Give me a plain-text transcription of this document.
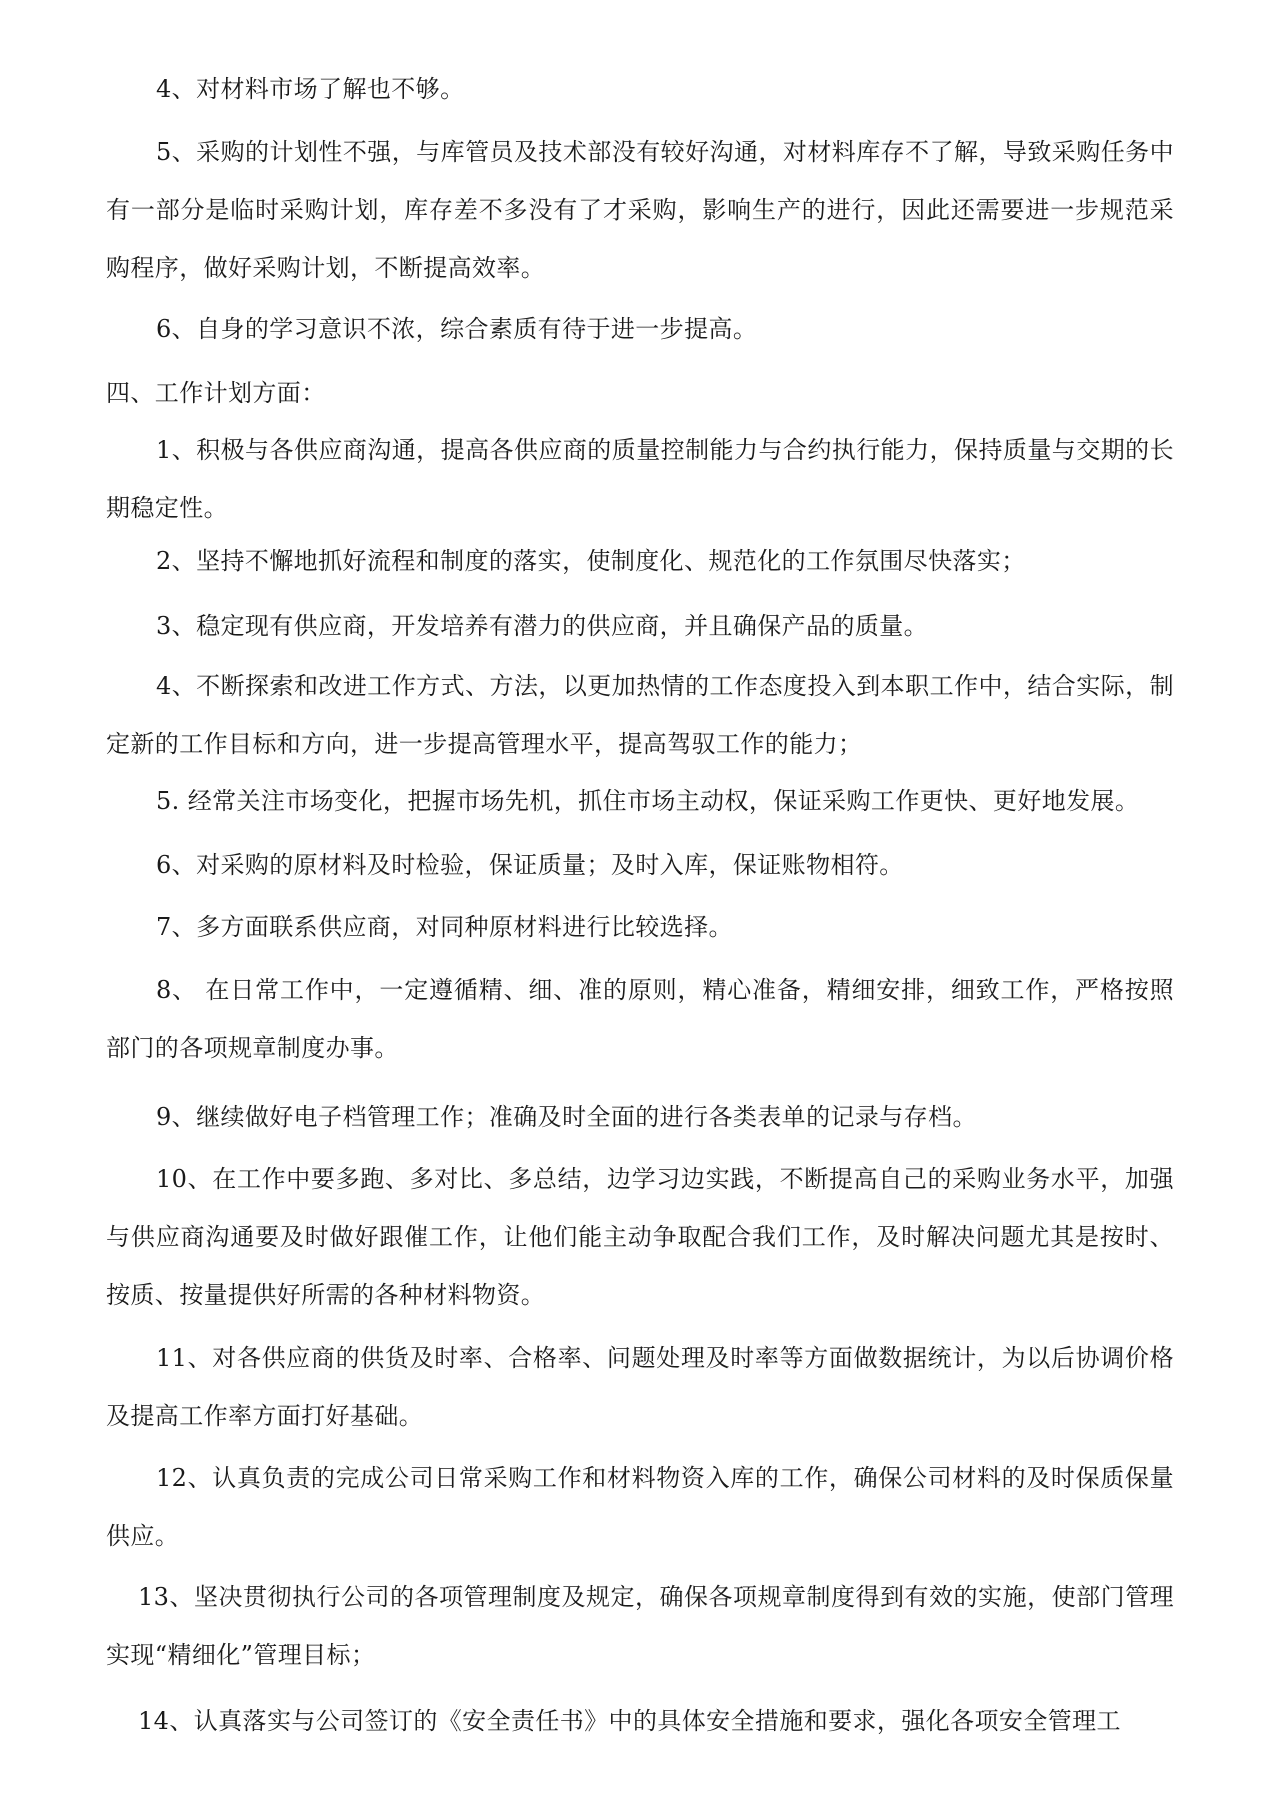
4、对材料市场了解也不够。

5、采购的计划性不强，与库管员及技术部没有较好沟通，对材料库存不了解，导致采购任务中有一部分是临时采购计划，库存差不多没有了才采购，影响生产的进行，因此还需要进一步规范采购程序，做好采购计划，不断提高效率。

6、自身的学习意识不浓，综合素质有待于进一步提高。

四、工作计划方面：

1、积极与各供应商沟通，提高各供应商的质量控制能力与合约执行能力，保持质量与交期的长期稳定性。

2、坚持不懈地抓好流程和制度的落实，使制度化、规范化的工作氛围尽快落实；

3、稳定现有供应商，开发培养有潜力的供应商，并且确保产品的质量。

4、不断探索和改进工作方式、方法，以更加热情的工作态度投入到本职工作中，结合实际，制定新的工作目标和方向，进一步提高管理水平，提高驾驭工作的能力；

5. 经常关注市场变化，把握市场先机，抓住市场主动权，保证采购工作更快、更好地发展。

6、对采购的原材料及时检验，保证质量；及时入库，保证账物相符。

7、多方面联系供应商，对同种原材料进行比较选择。

8、 在日常工作中，一定遵循精、细、准的原则，精心准备，精细安排，细致工作，严格按照部门的各项规章制度办事。

9、继续做好电子档管理工作；准确及时全面的进行各类表单的记录与存档。

10、在工作中要多跑、多对比、多总结，边学习边实践，不断提高自己的采购业务水平，加强与供应商沟通要及时做好跟催工作，让他们能主动争取配合我们工作，及时解决问题尤其是按时、按质、按量提供好所需的各种材料物资。

11、对各供应商的供货及时率、合格率、问题处理及时率等方面做数据统计，为以后协调价格及提高工作率方面打好基础。

12、认真负责的完成公司日常采购工作和材料物资入库的工作，确保公司材料的及时保质保量供应。

13、坚决贯彻执行公司的各项管理制度及规定，确保各项规章制度得到有效的实施，使部门管理实现“精细化”管理目标；

14、认真落实与公司签订的《安全责任书》中的具体安全措施和要求，强化各项安全管理工
